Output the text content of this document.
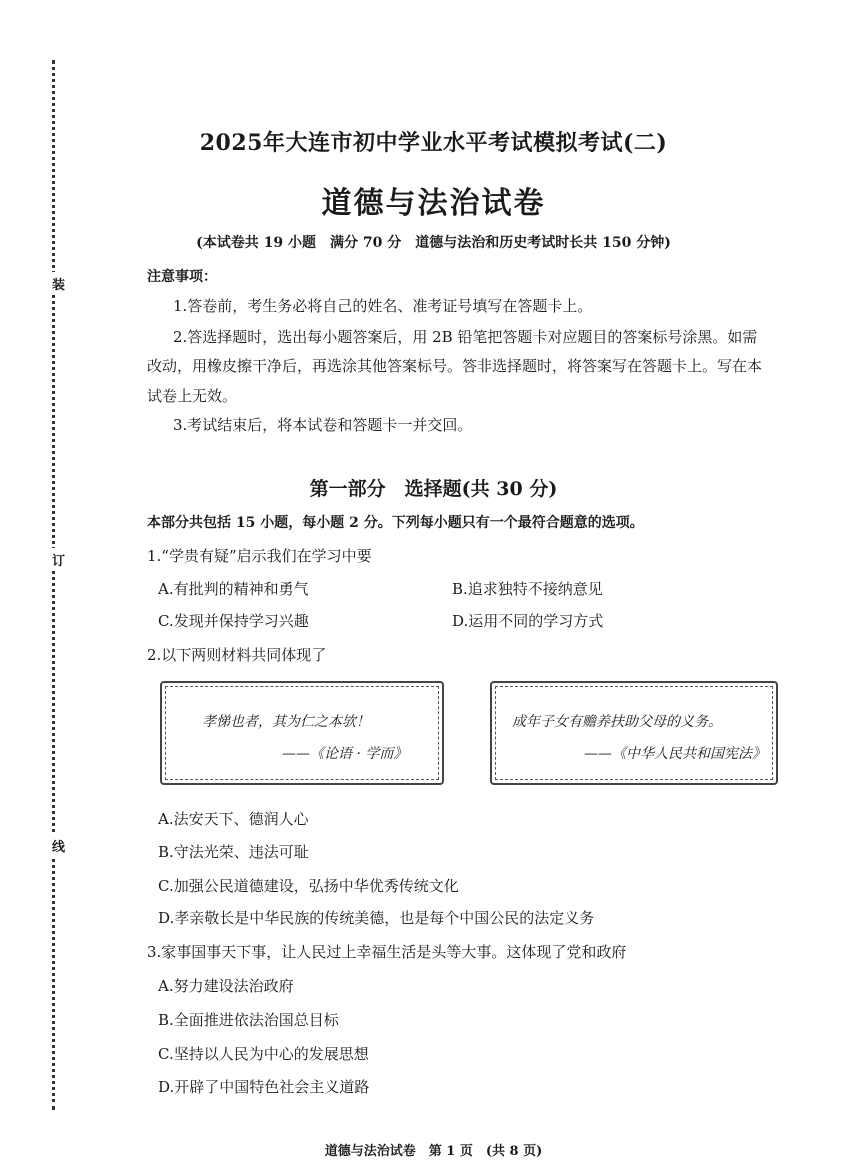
装
订
线
2025年大连市初中学业水平考试模拟考试(二)
道德与法治试卷
(本试卷共 19 小题　满分 70 分　道德与法治和历史考试时长共 150 分钟)
注意事项：
1.答卷前，考生务必将自己的姓名、准考证号填写在答题卡上。
2.答选择题时，选出每小题答案后，用 2B 铅笔把答题卡对应题目的答案标号涂黑。如需
改动，用橡皮擦干净后，再选涂其他答案标号。答非选择题时，将答案写在答题卡上。写在本
试卷上无效。
3.考试结束后，将本试卷和答题卡一并交回。
第一部分　选择题(共 30 分)
本部分共包括 15 小题，每小题 2 分。下列每小题只有一个最符合题意的选项。
1.“学贵有疑”启示我们在学习中要
A.有批判的精神和勇气	B.追求独特不接纳意见
C.发现并保持学习兴趣	D.运用不同的学习方式
2.以下两则材料共同体现了
孝悌也者，其为仁之本欤！
——《论语 · 学而》
成年子女有赡养扶助父母的义务。
——《中华人民共和国宪法》
A.法安天下、德润人心
B.守法光荣、违法可耻
C.加强公民道德建设，弘扬中华优秀传统文化
D.孝亲敬长是中华民族的传统美德，也是每个中国公民的法定义务
3.家事国事天下事，让人民过上幸福生活是头等大事。这体现了党和政府
A.努力建设法治政府
B.全面推进依法治国总目标
C.坚持以人民为中心的发展思想
D.开辟了中国特色社会主义道路
道德与法治试卷　第 1 页　(共 8 页)
